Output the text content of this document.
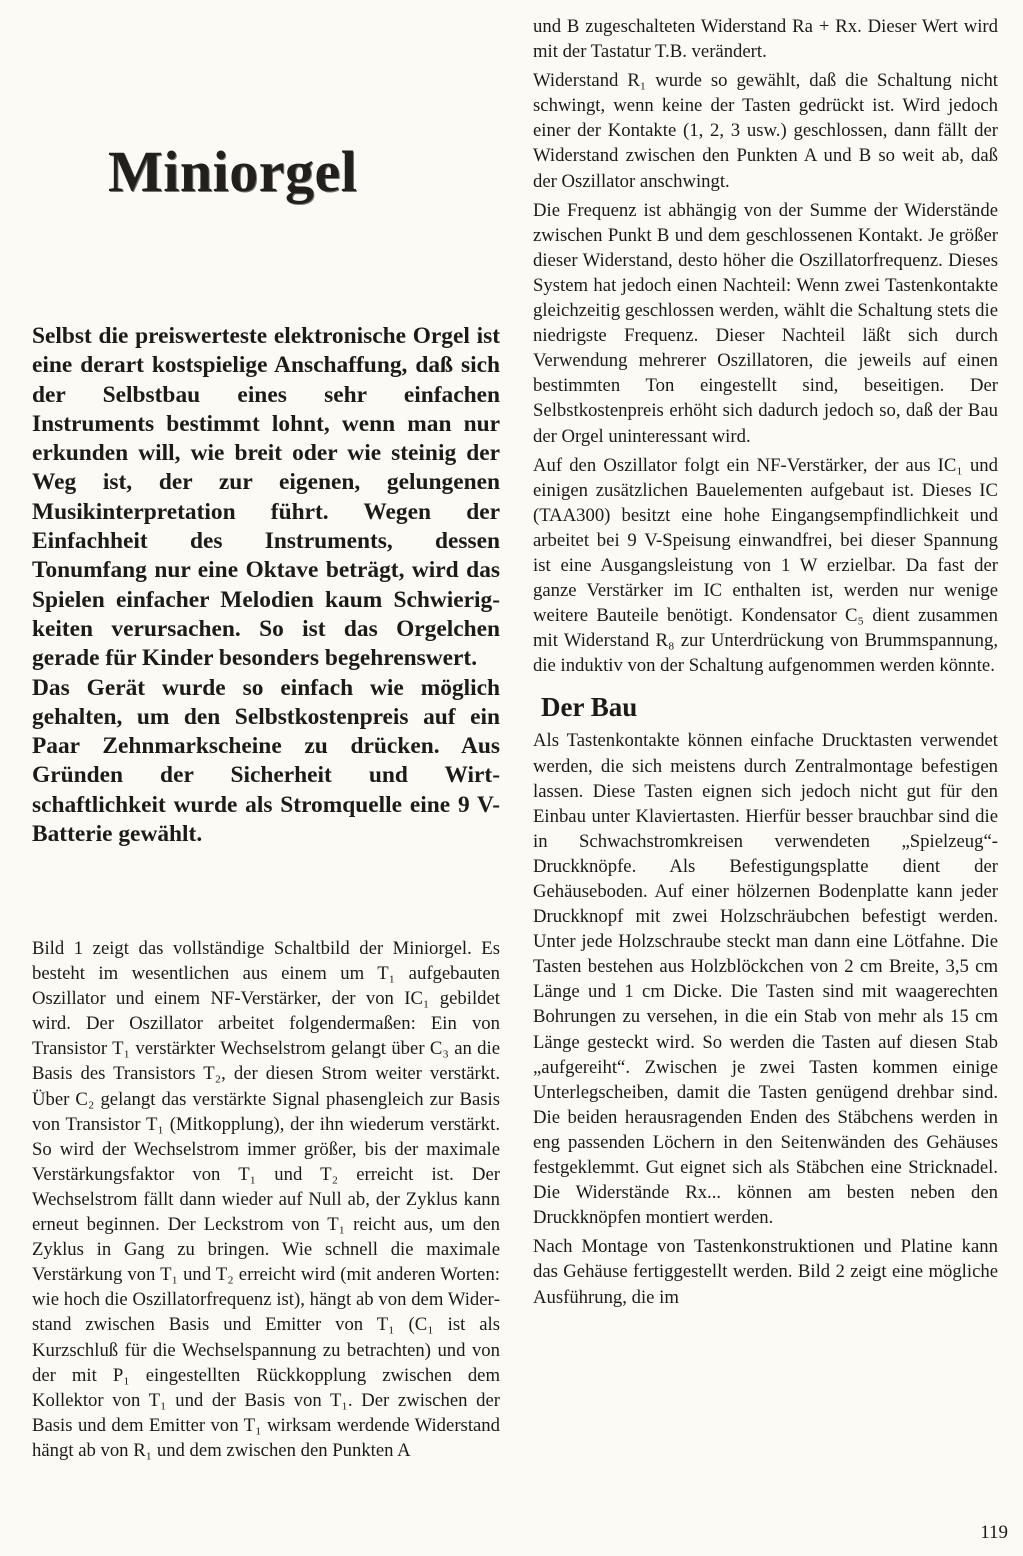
Miniorgel

Selbst die preiswerteste elektronische Orgel ist eine derart kostspielige Anschaffung, daß sich der Selbstbau eines sehr einfachen Instruments bestimmt lohnt, wenn man nur erkunden will, wie breit oder wie steinig der Weg ist, der zur eigenen, gelungenen Musikinterpretation führt. Wegen der Einfachheit des Instruments, dessen Tonumfang nur eine Oktave beträgt, wird das Spielen einfacher Melodien kaum Schwierigkeiten verursachen. So ist das Orgelchen gerade für Kinder besonders begehrenswert.

Das Gerät wurde so einfach wie möglich gehalten, um den Selbstkostenpreis auf ein Paar Zehnmarkscheine zu drücken. Aus Gründen der Sicherheit und Wirtschaftlichkeit wurde als Stromquelle eine 9 V-Batterie gewählt.

Bild 1 zeigt das vollständige Schaltbild der Miniorgel. Es besteht im wesentlichen aus einem um T₁ aufgebauten Oszillator und einem NF-Verstärker, der von IC₁ gebildet wird. Der Oszillator arbeitet folgendermaßen: Ein von Transistor T₁ verstärkter Wechselstrom gelangt über C₃ an die Basis des Transistors T₂, der diesen Strom weiter verstärkt. Über C₂ gelangt das verstärkte Signal phasengleich zur Basis von Transistor T₁ (Mitkopplung), der ihn wiederum verstärkt. So wird der Wechselstrom immer größer, bis der maximale Verstärkungsfaktor von T₁ und T₂ erreicht ist. Der Wechselstrom fällt dann wieder auf Null ab, der Zyklus kann erneut beginnen. Der Leckstrom von T₁ reicht aus, um den Zyklus in Gang zu bringen. Wie schnell die maximale Verstärkung von T₁ und T₂ erreicht wird (mit anderen Worten: wie hoch die Oszillatorfrequenz ist), hängt ab von dem Widerstand zwischen Basis und Emitter von T₁ (C₁ ist als Kurzschluß für die Wechselspannung zu betrachten) und von der mit P₁ eingestellten Rückkopplung zwischen dem Kollektor von T₁ und der Basis von T₁. Der zwischen der Basis und dem Emitter von T₁ wirksam werdende Widerstand hängt ab von R₁ und dem zwischen den Punkten A

und B zugeschalteten Widerstand Ra + Rx. Dieser Wert wird mit der Tastatur T.B. verändert.

Widerstand R₁ wurde so gewählt, daß die Schaltung nicht schwingt, wenn keine der Tasten gedrückt ist. Wird jedoch einer der Kontakte (1, 2, 3 usw.) geschlossen, dann fällt der Widerstand zwischen den Punkten A und B so weit ab, daß der Oszillator anschwingt.

Die Frequenz ist abhängig von der Summe der Widerstände zwischen Punkt B und dem geschlossenen Kontakt. Je größer dieser Widerstand, desto höher die Oszillatorfrequenz. Dieses System hat jedoch einen Nachteil: Wenn zwei Tastenkontakte gleichzeitig geschlossen werden, wählt die Schaltung stets die niedrigste Frequenz. Dieser Nachteil läßt sich durch Verwendung mehrerer Oszillatoren, die jeweils auf einen bestimmten Ton eingestellt sind, beseitigen. Der Selbstkostenpreis erhöht sich dadurch jedoch so, daß der Bau der Orgel uninteressant wird.

Auf den Oszillator folgt ein NF-Verstärker, der aus IC₁ und einigen zusätzlichen Bauelementen aufgebaut ist. Dieses IC (TAA300) besitzt eine hohe Eingangsempfindlichkeit und arbeitet bei 9 V-Speisung einwandfrei, bei dieser Spannung ist eine Ausgangsleistung von 1 W erzielbar. Da fast der ganze Verstärker im IC enthalten ist, werden nur wenige weitere Bauteile benötigt. Kondensator C₅ dient zusammen mit Widerstand R₈ zur Unterdrückung von Brummspannung, die induktiv von der Schaltung aufgenommen werden könnte.

Der Bau

Als Tastenkontakte können einfache Drucktasten verwendet werden, die sich meistens durch Zentralmontage befestigen lassen. Diese Tasten eignen sich jedoch nicht gut für den Einbau unter Klaviertasten. Hierfür besser brauchbar sind die in Schwachstromkreisen verwendeten „Spielzeug“-Druckknöpfe. Als Befestigungsplatte dient der Gehäuseboden. Auf einer hölzernen Bodenplatte kann jeder Druckknopf mit zwei Holzschräubchen befestigt werden. Unter jede Holzschraube steckt man dann eine Lötfahne. Die Tasten bestehen aus Holzblöckchen von 2 cm Breite, 3,5 cm Länge und 1 cm Dicke. Die Tasten sind mit waagerechten Bohrungen zu versehen, in die ein Stab von mehr als 15 cm Länge gesteckt wird. So werden die Tasten auf diesen Stab „aufgereiht“. Zwischen je zwei Tasten kommen einige Unterlegscheiben, damit die Tasten genügend drehbar sind. Die beiden herausragenden Enden des Stäbchens werden in eng passenden Löchern in den Seitenwänden des Gehäuses festgeklemmt. Gut eignet sich als Stäbchen eine Stricknadel. Die Widerstände Rx... können am besten neben den Druckknöpfen montiert werden.

Nach Montage von Tastenkonstruktionen und Platine kann das Gehäuse fertiggestellt werden. Bild 2 zeigt eine mögliche Ausführung, die im

119
